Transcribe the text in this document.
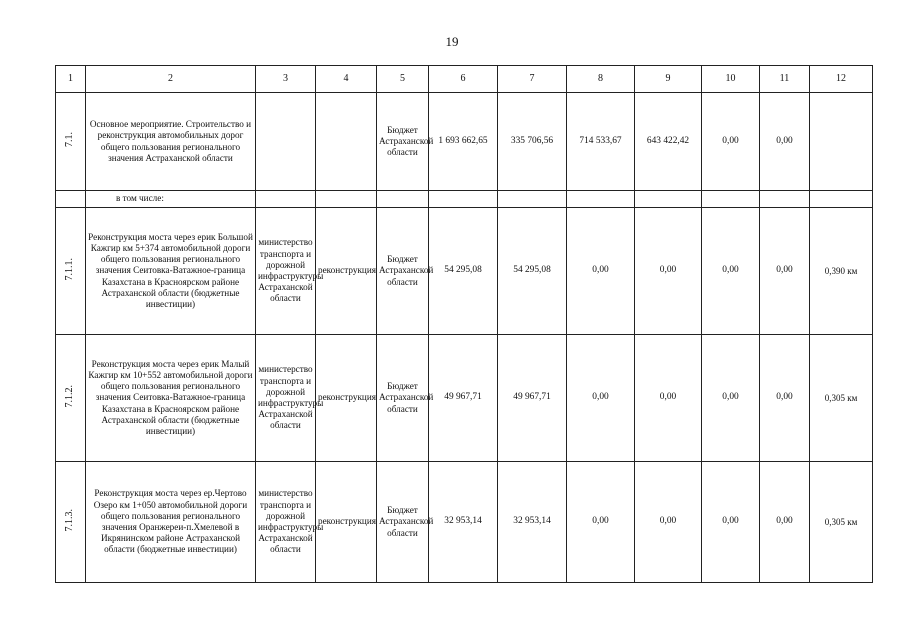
19
1	2	3	4	5	6	7	8	9	10	11	12
7.1.	Основное мероприятие. Строительство и реконструкция автомобильных дорог общего пользования регионального значения Астраханской области			Бюджет Астраханской области	1 693 662,65	335 706,56	714 533,67	643 422,42	0,00	0,00	
	в том числе:										
7.1.1.	Реконструкция моста через ерик Большой Кажгир км 5+374 автомобильной дороги общего пользования регионального значения Сеитовка-Ватажное-граница Казахстана в Красноярском районе Астраханской области (бюджетные инвестиции)	министерство транспорта и дорожной инфраструктуры Астраханской области	реконструкция	Бюджет Астраханской области	54 295,08	54 295,08	0,00	0,00	0,00	0,00	0,390 км
7.1.2.	Реконструкция моста через ерик Малый Кажгир км 10+552 автомобильной дороги общего пользования регионального значения Сеитовка-Ватажное-граница Казахстана в Красноярском районе Астраханской области (бюджетные инвестиции)	министерство транспорта и дорожной инфраструктуры Астраханской области	реконструкция	Бюджет Астраханской области	49 967,71	49 967,71	0,00	0,00	0,00	0,00	0,305 км
7.1.3.	Реконструкция моста через ер.Чертово Озеро км 1+050 автомобильной дороги общего пользования регионального значения Оранжереи-п.Хмелевой в Икрянинском районе Астраханской области (бюджетные инвестиции)	министерство транспорта и дорожной инфраструктуры Астраханской области	реконструкция	Бюджет Астраханской области	32 953,14	32 953,14	0,00	0,00	0,00	0,00	0,305 км
